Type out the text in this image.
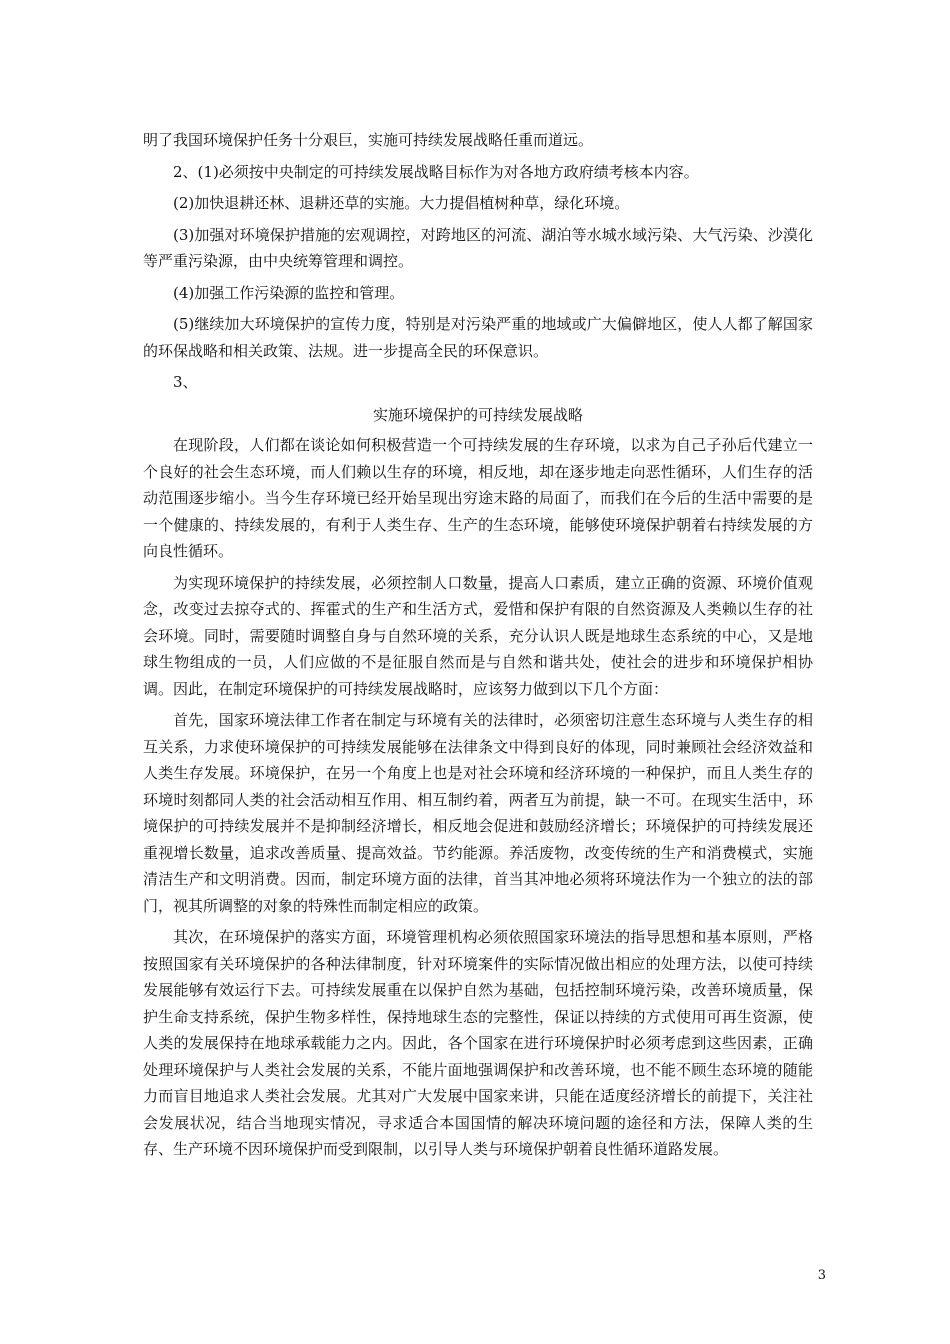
明了我国环境保护任务十分艰巨，实施可持续发展战略任重而道远。

2、(1)必须按中央制定的可持续发展战略目标作为对各地方政府绩考核本内容。

(2)加快退耕还林、退耕还草的实施。大力提倡植树种草，绿化环境。

(3)加强对环境保护措施的宏观调控，对跨地区的河流、湖泊等水城水域污染、大气污染、沙漠化等严重污染源，由中央统筹管理和调控。

(4)加强工作污染源的监控和管理。

(5)继续加大环境保护的宣传力度，特别是对污染严重的地域或广大偏僻地区，使人人都了解国家的环保战略和相关政策、法规。进一步提高全民的环保意识。

3、

实施环境保护的可持续发展战略

在现阶段，人们都在谈论如何积极营造一个可持续发展的生存环境，以求为自己子孙后代建立一个良好的社会生态环境，而人们赖以生存的环境，相反地，却在逐步地走向恶性循环，人们生存的活动范围逐步缩小。当今生存环境已经开始呈现出穷途末路的局面了，而我们在今后的生活中需要的是一个健康的、持续发展的，有利于人类生存、生产的生态环境，能够使环境保护朝着右持续发展的方向良性循环。

为实现环境保护的持续发展，必须控制人口数量，提高人口素质，建立正确的资源、环境价值观念，改变过去掠夺式的、挥霍式的生产和生活方式，爱惜和保护有限的自然资源及人类赖以生存的社会环境。同时，需要随时调整自身与自然环境的关系，充分认识人既是地球生态系统的中心，又是地球生物组成的一员，人们应做的不是征服自然而是与自然和谐共处，使社会的进步和环境保护相协调。因此，在制定环境保护的可持续发展战略时，应该努力做到以下几个方面：

首先，国家环境法律工作者在制定与环境有关的法律时，必须密切注意生态环境与人类生存的相互关系，力求使环境保护的可持续发展能够在法律条文中得到良好的体现，同时兼顾社会经济效益和人类生存发展。环境保护，在另一个角度上也是对社会环境和经济环境的一种保护，而且人类生存的环境时刻都同人类的社会活动相互作用、相互制约着，两者互为前提，缺一不可。在现实生活中，环境保护的可持续发展并不是抑制经济增长，相反地会促进和鼓励经济增长；环境保护的可持续发展还重视增长数量，追求改善质量、提高效益。节约能源。养活废物，改变传统的生产和消费模式，实施清洁生产和文明消费。因而，制定环境方面的法律，首当其冲地必须将环境法作为一个独立的法的部门，视其所调整的对象的特殊性而制定相应的政策。

其次，在环境保护的落实方面，环境管理机构必须依照国家环境法的指导思想和基本原则，严格按照国家有关环境保护的各种法律制度，针对环境案件的实际情况做出相应的处理方法，以使可持续发展能够有效运行下去。可持续发展重在以保护自然为基础，包括控制环境污染，改善环境质量，保护生命支持系统，保护生物多样性，保持地球生态的完整性，保证以持续的方式使用可再生资源，使人类的发展保持在地球承载能力之内。因此，各个国家在进行环境保护时必须考虑到这些因素，正确处理环境保护与人类社会发展的关系，不能片面地强调保护和改善环境，也不能不顾生态环境的随能力而盲目地追求人类社会发展。尤其对广大发展中国家来讲，只能在适度经济增长的前提下，关注社会发展状况，结合当地现实情况，寻求适合本国国情的解决环境问题的途径和方法，保障人类的生存、生产环境不因环境保护而受到限制，以引导人类与环境保护朝着良性循环道路发展。

3
